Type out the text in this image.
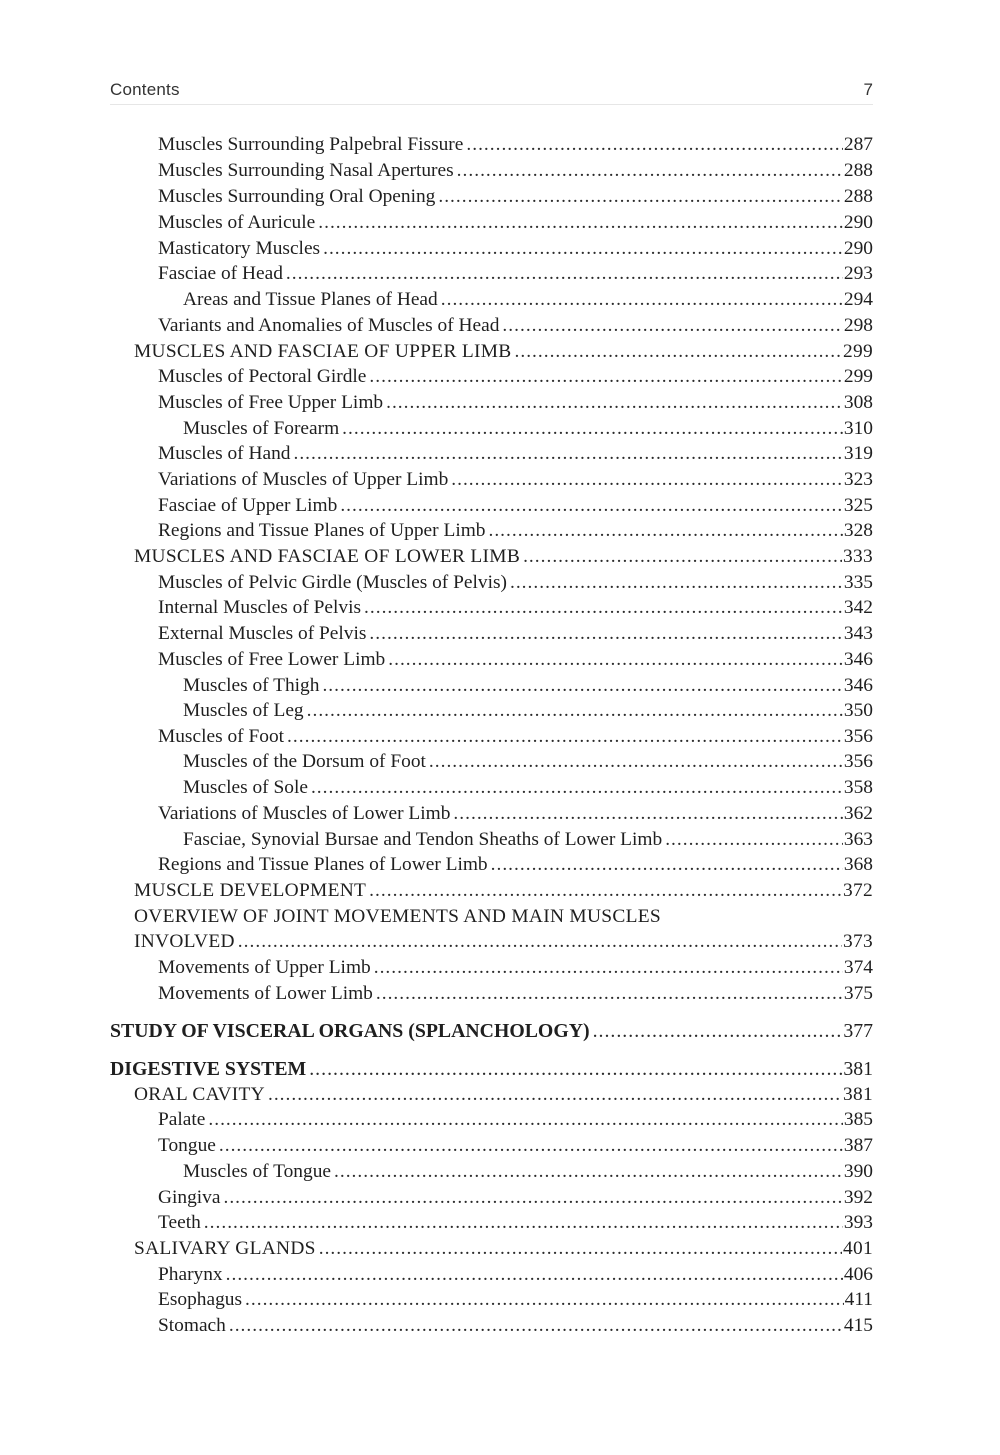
Contents	7
Muscles Surrounding Palpebral Fissure .....	287
Muscles Surrounding Nasal Apertures .....	288
Muscles Surrounding Oral Opening .....	288
Muscles of Auricule .....	290
Masticatory Muscles .....	290
Fasciae of Head .....	293
Areas and Tissue Planes of Head .....	294
Variants and Anomalies of Muscles of Head .....	298
MUSCLES AND FASCIAE OF UPPER LIMB .....	299
Muscles of Pectoral Girdle .....	299
Muscles of Free Upper Limb .....	308
Muscles of Forearm .....	310
Muscles of Hand .....	319
Variations of Muscles of Upper Limb .....	323
Fasciae of Upper Limb .....	325
Regions and Tissue Planes of Upper Limb .....	328
MUSCLES AND FASCIAE OF LOWER LIMB .....	333
Muscles of Pelvic Girdle (Muscles of Pelvis) .....	335
Internal Muscles of Pelvis .....	342
External Muscles of Pelvis .....	343
Muscles of Free Lower Limb .....	346
Muscles of Thigh .....	346
Muscles of Leg .....	350
Muscles of Foot .....	356
Muscles of the Dorsum of Foot .....	356
Muscles of Sole .....	358
Variations of Muscles of Lower Limb .....	362
Fasciae, Synovial Bursae and Tendon Sheaths of Lower Limb .....	363
Regions and Tissue Planes of Lower Limb .....	368
MUSCLE DEVELOPMENT .....	372
OVERVIEW OF JOINT MOVEMENTS AND MAIN MUSCLES
INVOLVED .....	373
Movements of Upper Limb .....	374
Movements of Lower Limb .....	375
STUDY OF VISCERAL ORGANS (SPLANCHOLOGY) .....	377
DIGESTIVE SYSTEM .....	381
ORAL CAVITY .....	381
Palate .....	385
Tongue .....	387
Muscles of Tongue .....	390
Gingiva .....	392
Teeth .....	393
SALIVARY GLANDS .....	401
Pharynx .....	406
Esophagus .....	411
Stomach .....	415
